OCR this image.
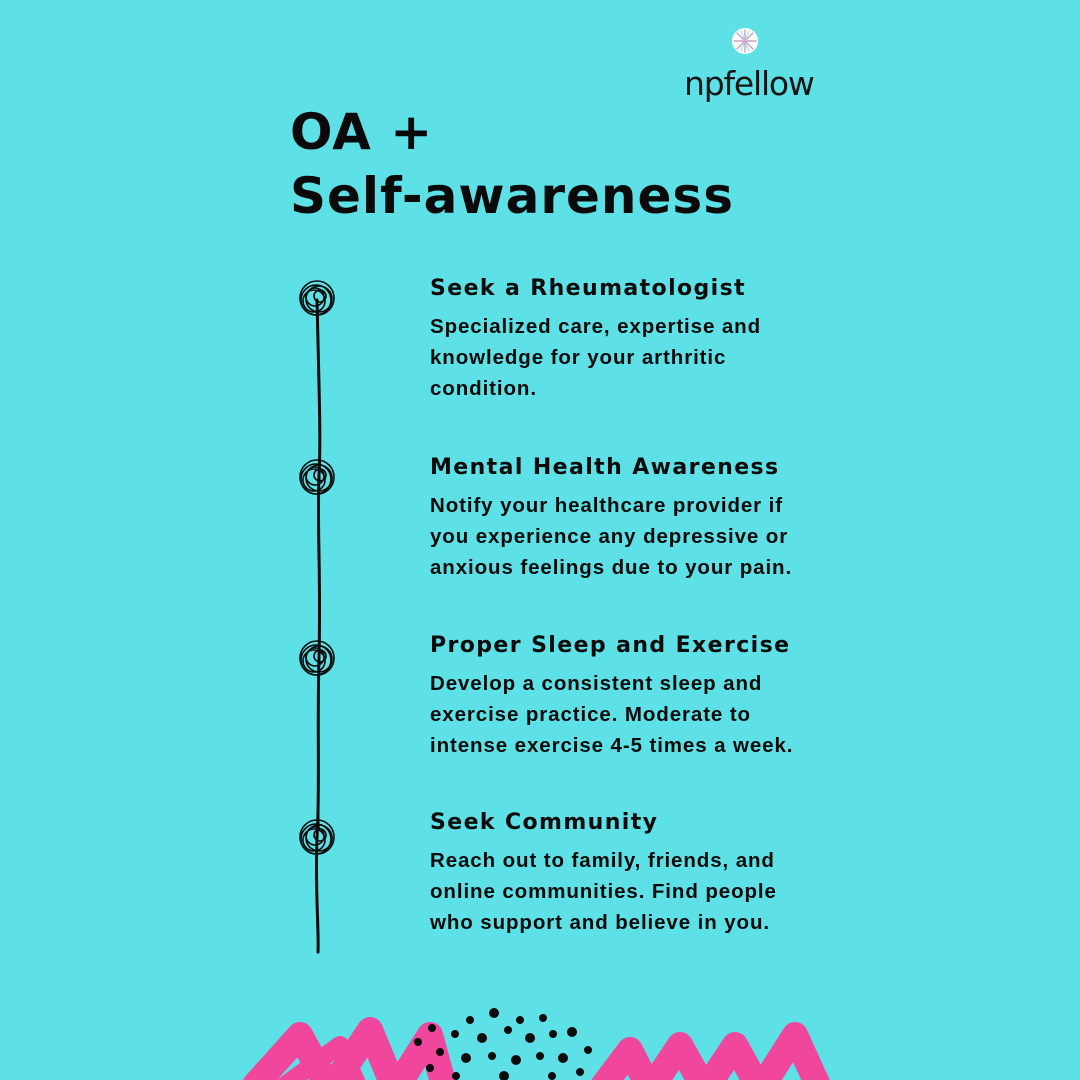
npfellow
OA +
Self-awareness
Seek a Rheumatologist

Specialized care, expertise and
knowledge for your arthritic
condition.

Mental Health Awareness

Notify your healthcare provider if
you experience any depressive or
anxious feelings due to your pain.

Proper Sleep and Exercise

Develop a consistent sleep and
exercise practice. Moderate to
intense exercise 4-5 times a week.

Seek Community

Reach out to family, friends, and
online communities. Find people
who support and believe in you.
